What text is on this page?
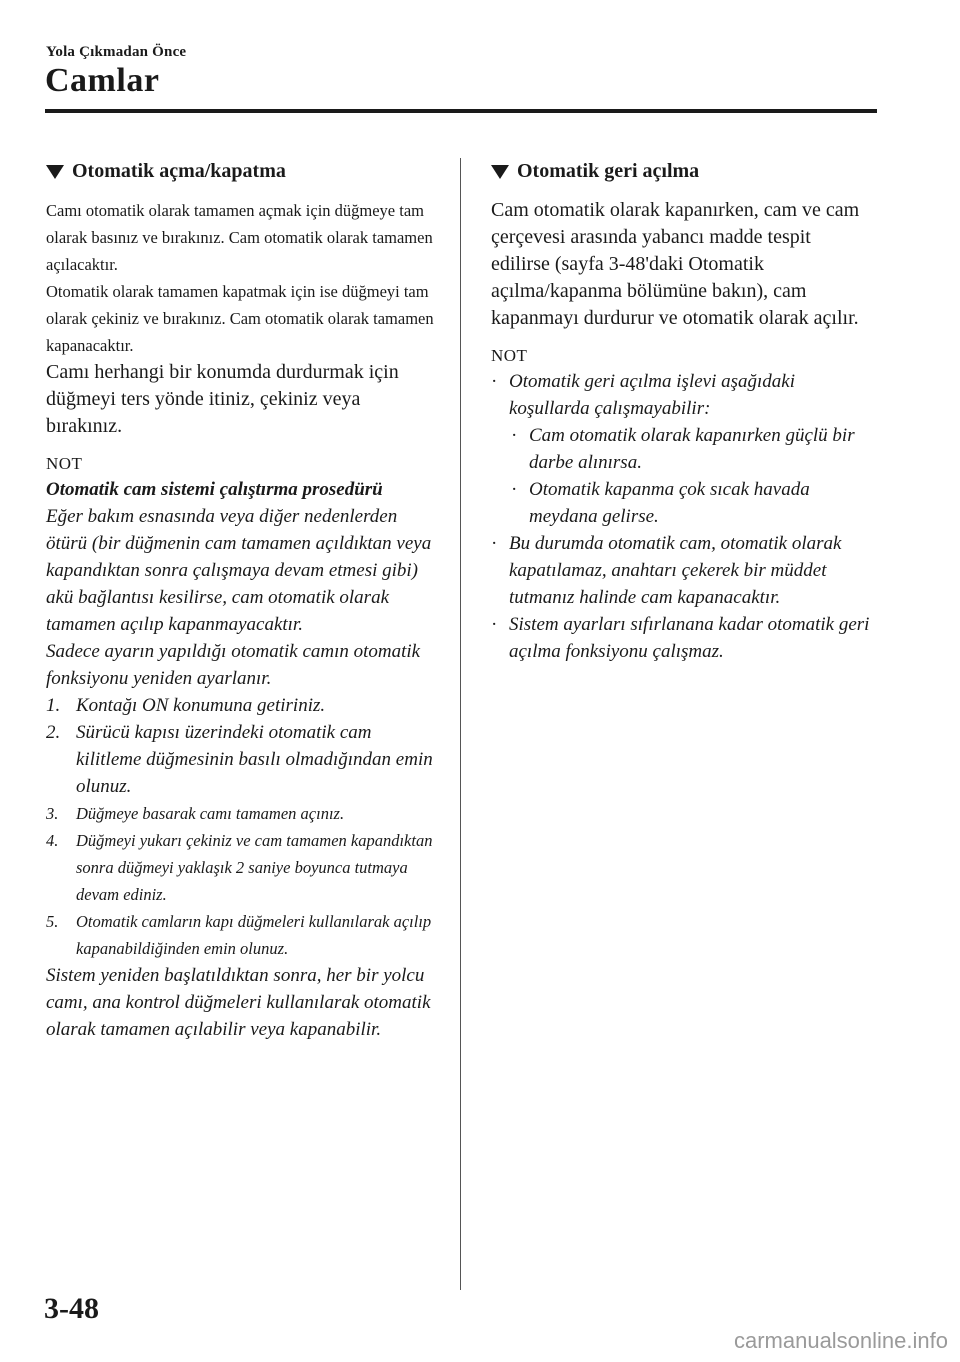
Yola Çıkmadan Önce
Camlar
Otomatik açma/kapatma

Camı otomatik olarak tamamen açmak için düğmeye tam olarak basınız ve bırakınız. Cam otomatik olarak tamamen açılacaktır.

Otomatik olarak tamamen kapatmak için ise düğmeyi tam olarak çekiniz ve bırakınız. Cam otomatik olarak tamamen kapanacaktır.

Camı herhangi bir konumda durdurmak için düğmeyi ters yönde itiniz, çekiniz veya bırakınız.

NOT

Otomatik cam sistemi çalıştırma prosedürü

Eğer bakım esnasında veya diğer nedenlerden ötürü (bir düğmenin cam tamamen açıldıktan veya kapandıktan sonra çalışmaya devam etmesi gibi) akü bağlantısı kesilirse, cam otomatik olarak tamamen açılıp kapanmayacaktır.

Sadece ayarın yapıldığı otomatik camın otomatik fonksiyonu yeniden ayarlanır.

1. Kontağı ON konumuna getiriniz.
2. Sürücü kapısı üzerindeki otomatik cam kilitleme düğmesinin basılı olmadığından emin olunuz.
3.	Düğmeye basarak camı tamamen açınız.
4.	Düğmeyi yukarı çekiniz ve cam tamamen kapandıktan sonra düğmeyi yaklaşık 2 saniye boyunca tutmaya devam ediniz.
5.	Otomatik camların kapı düğmeleri kullanılarak açılıp kapanabildiğinden emin olunuz.

Sistem yeniden başlatıldıktan sonra, her bir yolcu camı, ana kontrol düğmeleri kullanılarak otomatik olarak tamamen açılabilir veya kapanabilir.

Otomatik geri açılma

Cam otomatik olarak kapanırken, cam ve cam çerçevesi arasında yabancı madde tespit edilirse (sayfa 3-48'daki Otomatik açılma/kapanma bölümüne bakın), cam kapanmayı durdurur ve otomatik olarak açılır.

NOT
· Otomatik geri açılma işlevi aşağıdaki koşullarda çalışmayabilir:
· Cam otomatik olarak kapanırken güçlü bir darbe alınırsa.
· Otomatik kapanma çok sıcak havada meydana gelirse.
· Bu durumda otomatik cam, otomatik olarak kapatılamaz, anahtarı çekerek bir müddet tutmanız halinde cam kapanacaktır.
· Sistem ayarları sıfırlanana kadar otomatik geri açılma fonksiyonu çalışmaz.
3-48
carmanualsonline.info
